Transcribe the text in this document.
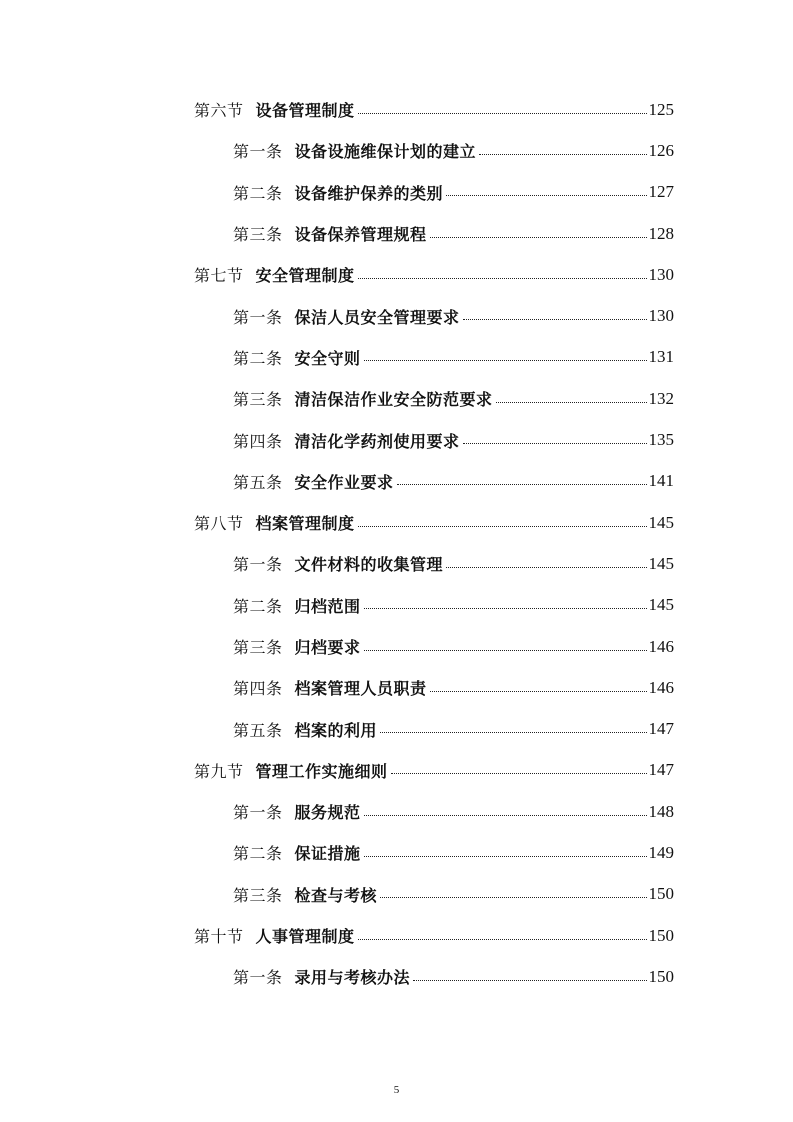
第六节 设备管理制度	125
第一条 设备设施维保计划的建立	126
第二条 设备维护保养的类别	127
第三条 设备保养管理规程	128
第七节 安全管理制度	130
第一条 保洁人员安全管理要求	130
第二条 安全守则	131
第三条 清洁保洁作业安全防范要求	132
第四条 清洁化学药剂使用要求	135
第五条 安全作业要求	141
第八节 档案管理制度	145
第一条 文件材料的收集管理	145
第二条 归档范围	145
第三条 归档要求	146
第四条 档案管理人员职责	146
第五条 档案的利用	147
第九节 管理工作实施细则	147
第一条 服务规范	148
第二条 保证措施	149
第三条 检查与考核	150
第十节 人事管理制度	150
第一条 录用与考核办法	150
5
